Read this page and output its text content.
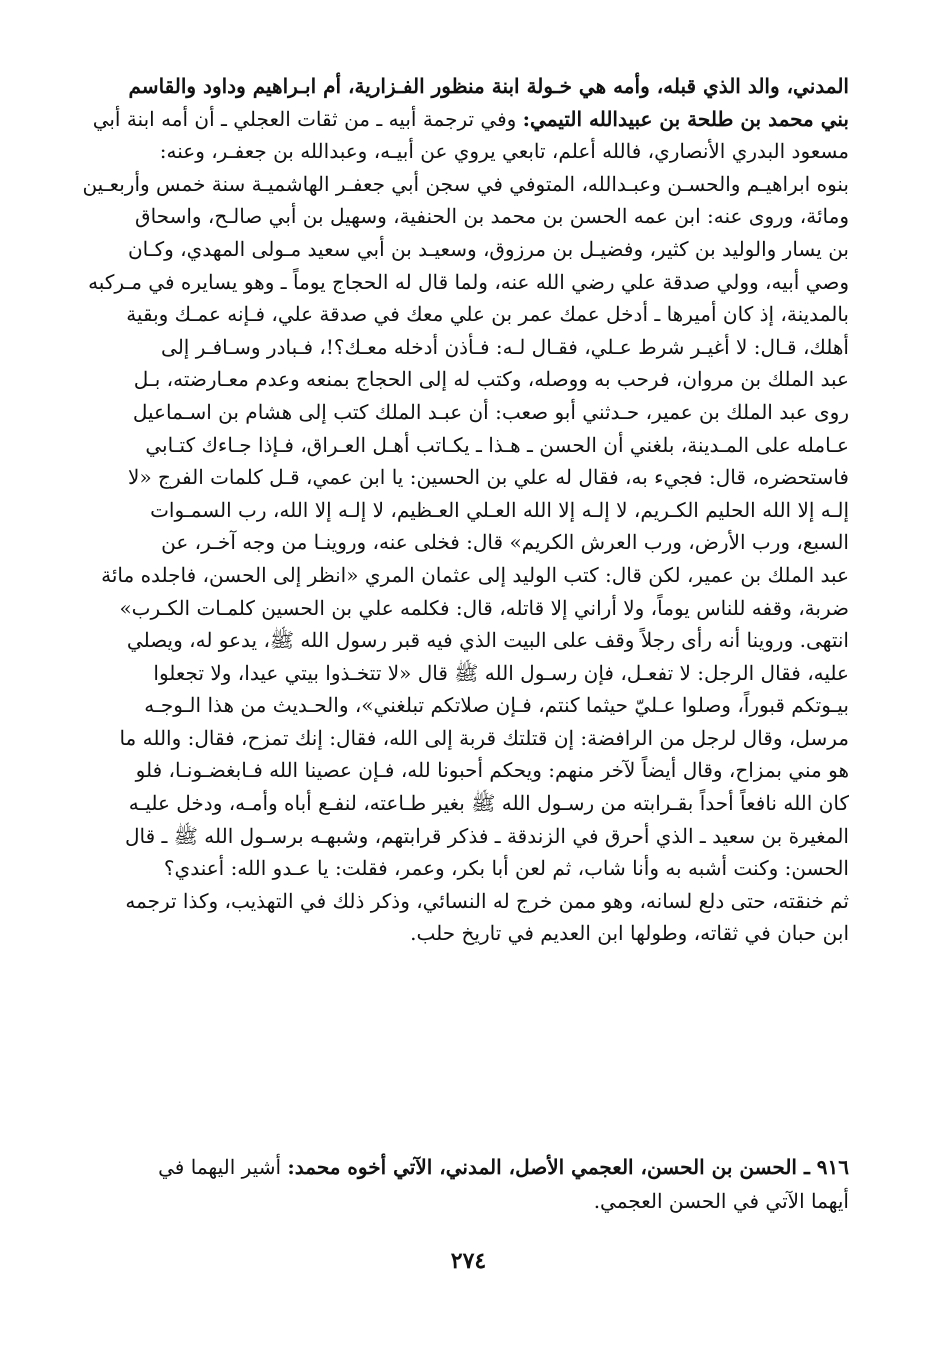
المدني، والد الذي قبله، وأمه هي خـولة ابنة منظور الفـزارية، أم ابـراهيم وداود والقاسم
بني محمد بن طلحة بن عبيدالله التيمي: وفي ترجمة أبيه ـ من ثقات العجلي ـ أن أمه ابنة أبي
مسعود البدري الأنصاري، فالله أعلم، تابعي يروي عن أبيـه، وعبدالله بن جعفـر، وعنه:
بنوه ابراهيـم والحسـن وعبـدالله، المتوفي في سجن أبي جعفـر الهاشميـة سنة خمس وأربعـين
ومائة، وروى عنه: ابن عمه الحسن بن محمد بن الحنفية، وسهيل بن أبي صالـح، واسحاق
بن يسار والوليد بن كثير، وفضيـل بن مرزوق، وسعيـد بن أبي سعيد مـولى المهدي، وكـان
وصي أبيه، وولي صدقة علي رضي الله عنه، ولما قال له الحجاج يوماً ـ وهو يسايره في مـركبه
بالمدينة، إذ كان أميرها ـ أدخل عمك عمر بن علي معك في صدقة علي، فـإنه عمـك وبقية
أهلك، قـال: لا أغيـر شرط عـلي، فقـال لـه: فـأذن أدخله معـك؟!، فـبادر وسـافـر إلى
عبد الملك بن مروان، فرحب به ووصله، وكتب له إلى الحجاج بمنعه وعدم معـارضته، بـل
روى عبد الملك بن عمير، حـدثني أبو صعب: أن عبـد الملك كتب إلى هشام بن اسـماعيل
عـامله على المـدينة، بلغني أن الحسن ـ هـذا ـ يكـاتب أهـل العـراق، فـإذا جـاءك كتـابي
فاستحضره، قال: فجيء به، فقال له علي بن الحسين: يا ابن عمي، قـل كلمات الفرج «لا
إلـه إلا الله الحليم الكـريم، لا إلـه إلا الله العـلي العـظيم، لا إلـه إلا الله، رب السمـوات
السبع، ورب الأرض، ورب العرش الكريم» قال: فخلى عنه، وروينـا من وجه آخـر، عن
عبد الملك بن عمير، لكن قال: كتب الوليد إلى عثمان المري «انظر إلى الحسن، فاجلده مائة
ضربة، وقفه للناس يوماً، ولا أراني إلا قاتله، قال: فكلمه علي بن الحسين كلمـات الكـرب»
انتهى. وروينا أنه رأى رجلاً وقف على البيت الذي فيه قبر رسول الله ﷺ، يدعو له، ويصلي
عليه، فقال الرجل: لا تفعـل، فإن رسـول الله ﷺ قال «لا تتخـذوا بيتي عيدا، ولا تجعلوا
بيـوتكم قبوراً، وصلوا عـليّ حيثما كنتم، فـإن صلاتكم تبلغني»، والحـديث من هذا الـوجـه
مرسل، وقال لرجل من الرافضة: إن قتلتك قربة إلى الله، فقال: إنك تمزح، فقال: والله ما
هو مني بمزاح، وقال أيضاً لآخر منهم: ويحكم أحبونا لله، فـإن عصينا الله فـابغضـونـا، فلو
كان الله نافعاً أحداً بقـرابته من رسـول الله ﷺ بغير طـاعته، لنفـع أباه وأمـه، ودخل عليـه
المغيرة بن سعيد ـ الذي أحرق في الزندقة ـ فذكر قرابتهم، وشبهـه برسـول الله ﷺ ـ قال
الحسن: وكنت أشبه به وأنا شاب، ثم لعن أبا بكر، وعمر، فقلت: يا عـدو الله: أعندي؟
ثم خنقته، حتى دلع لسانه، وهو ممن خرج له النسائي، وذكر ذلك في التهذيب، وكذا ترجمه
ابن حبان في ثقاته، وطولها ابن العديم في تاريخ حلب.
٩١٦ ـ الحسن بن الحسن، العجمي الأصل، المدني، الآتي أخوه محمد: أشير اليهما في
أيهما الآتي في الحسن العجمي.
٢٧٤
